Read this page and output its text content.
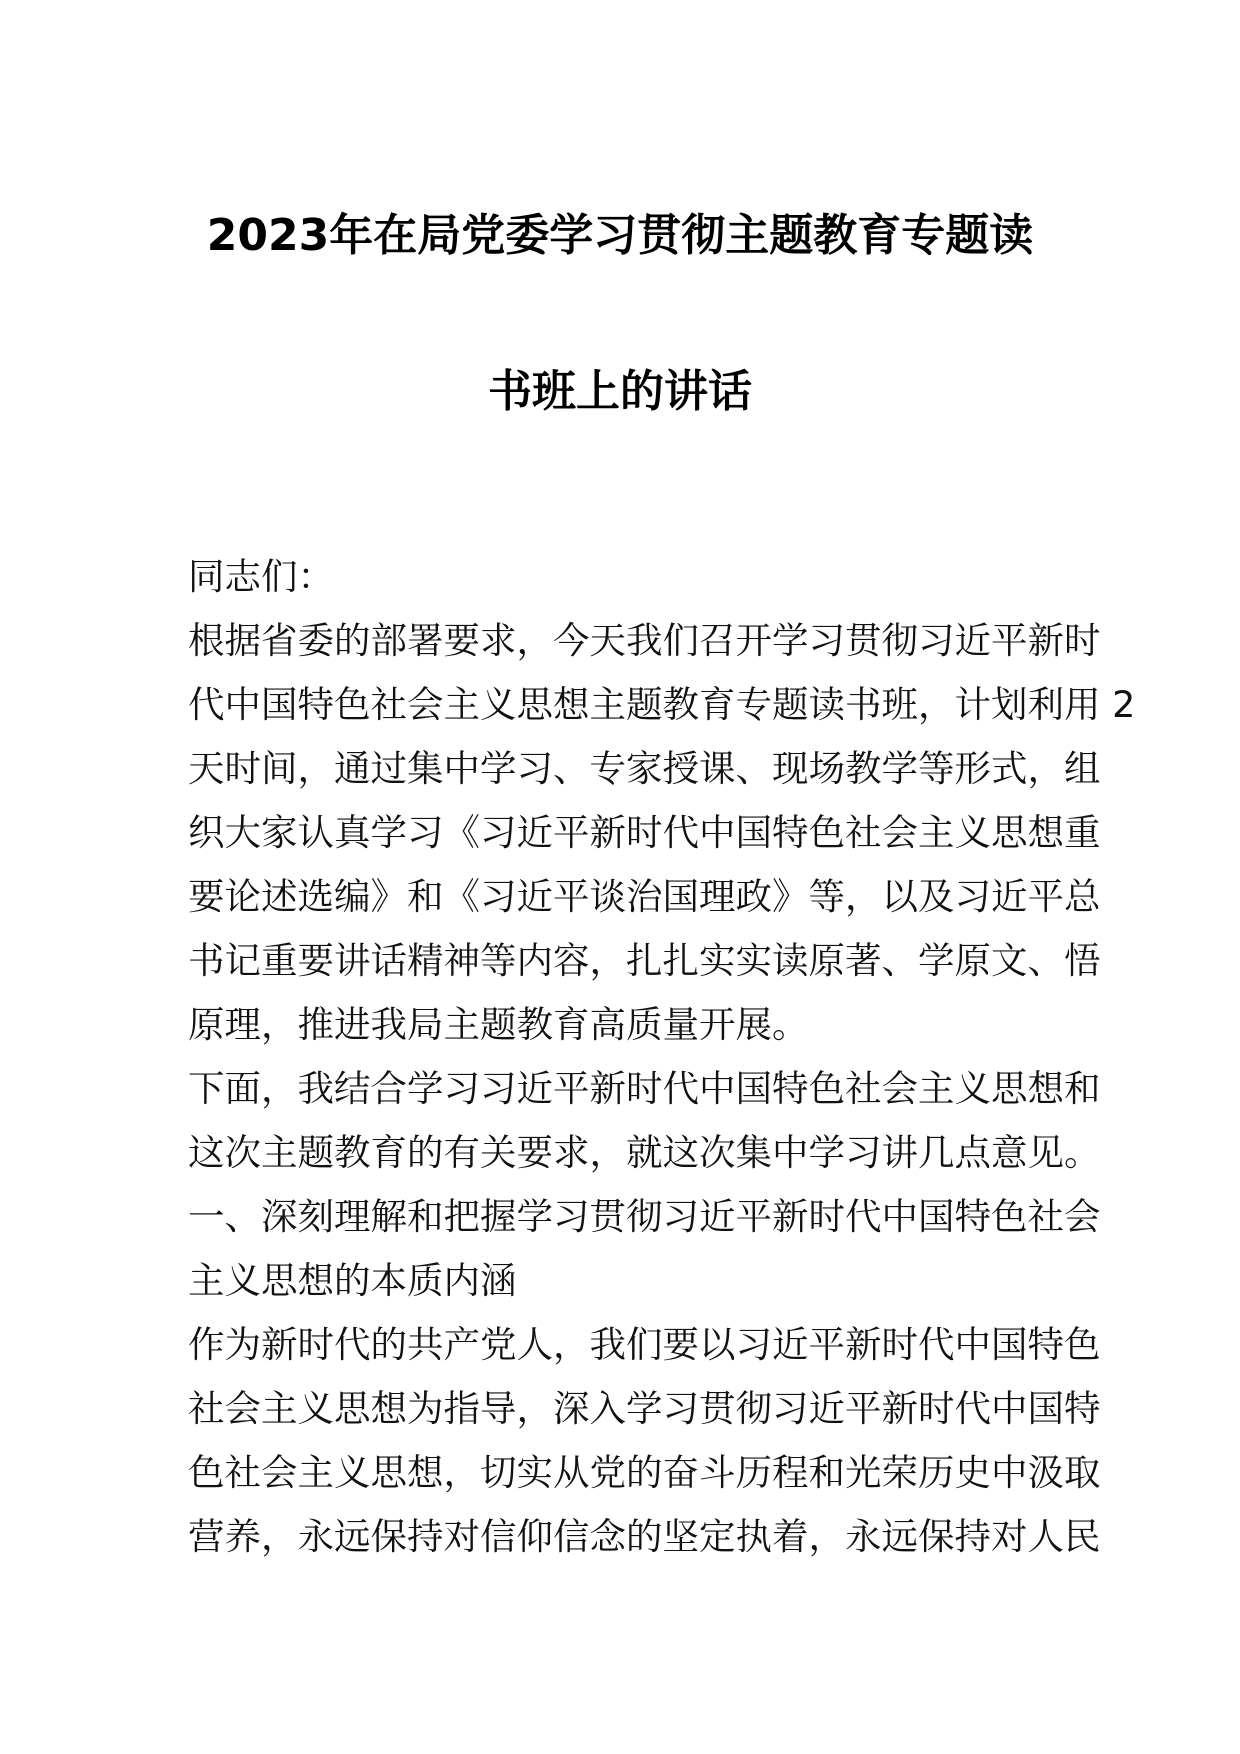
2023年在局党委学习贯彻主题教育专题读
书班上的讲话
同志们：
根据省委的部署要求，今天我们召开学习贯彻习近平新时
代中国特色社会主义思想主题教育专题读书班，计划利用 2
天时间，通过集中学习、专家授课、现场教学等形式，组
织大家认真学习《习近平新时代中国特色社会主义思想重
要论述选编》和《习近平谈治国理政》等，以及习近平总
书记重要讲话精神等内容，扎扎实实读原著、学原文、悟
原理，推进我局主题教育高质量开展。
下面，我结合学习习近平新时代中国特色社会主义思想和
这次主题教育的有关要求，就这次集中学习讲几点意见。
一、深刻理解和把握学习贯彻习近平新时代中国特色社会
主义思想的本质内涵
作为新时代的共产党人，我们要以习近平新时代中国特色
社会主义思想为指导，深入学习贯彻习近平新时代中国特
色社会主义思想，切实从党的奋斗历程和光荣历史中汲取
营养，永远保持对信仰信念的坚定执着，永远保持对人民
